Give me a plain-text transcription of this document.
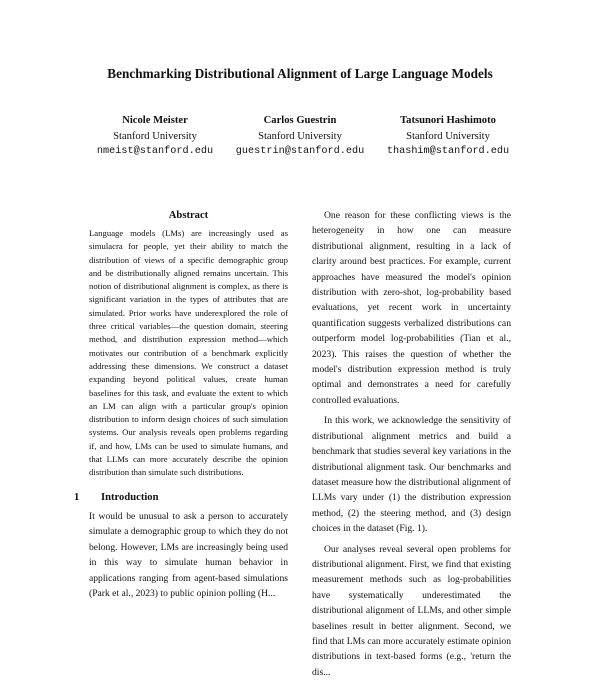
Benchmarking Distributional Alignment of Large Language Models
Nicole Meister
Stanford University
nmeist@stanford.edu
Carlos Guestrin
Stanford University
guestrin@stanford.edu
Tatsunori Hashimoto
Stanford University
thashim@stanford.edu
Abstract

Language models (LMs) are increasingly used as simulacra for people, yet their ability to match the distribution of views of a specific demographic group and be distributionally aligned remains uncertain. This notion of distributional alignment is complex, as there is significant variation in the types of attributes that are simulated. Prior works have underexplored the role of three critical variables—the question domain, steering method, and distribution expression method—which motivates our contribution of a benchmark explicitly addressing these dimensions. We construct a dataset expanding beyond political values, create human baselines for this task, and evaluate the extent to which an LM can align with a particular group's opinion distribution to inform design choices of such simulation systems. Our analysis reveals open problems regarding if, and how, LMs can be used to simulate humans, and that LLMs can more accurately describe the opinion distribution than simulate such distributions.

1 Introduction

It would be unusual to ask a person to accurately simulate a demographic group to which they do not belong. However, LMs are increasingly being used in this way to simulate human behavior in applications ranging from agent-based simulations (Park et al., 2023) to public opinion polling (H...

One reason for these conflicting views is the heterogeneity in how one can measure distributional alignment, resulting in a lack of clarity around best practices. For example, current approaches have measured the model's opinion distribution with zero-shot, log-probability based evaluations, yet recent work in uncertainty quantification suggests verbalized distributions can outperform model log-probabilities (Tian et al., 2023). This raises the question of whether the model's distribution expression method is truly optimal and demonstrates a need for carefully controlled evaluations.

In this work, we acknowledge the sensitivity of distributional alignment metrics and build a benchmark that studies several key variations in the distributional alignment task. Our benchmarks and dataset measure how the distributional alignment of LLMs vary under (1) the distribution expression method, (2) the steering method, and (3) design choices in the dataset (Fig. 1).

Our analyses reveal several open problems for distributional alignment. First, we find that existing measurement methods such as log-probabilities have systematically underestimated the distributional alignment of LLMs, and other simple baselines result in better alignment. Second, we find that LMs can more accurately estimate opinion distributions in text-based forms (e.g., 'return the dis...
